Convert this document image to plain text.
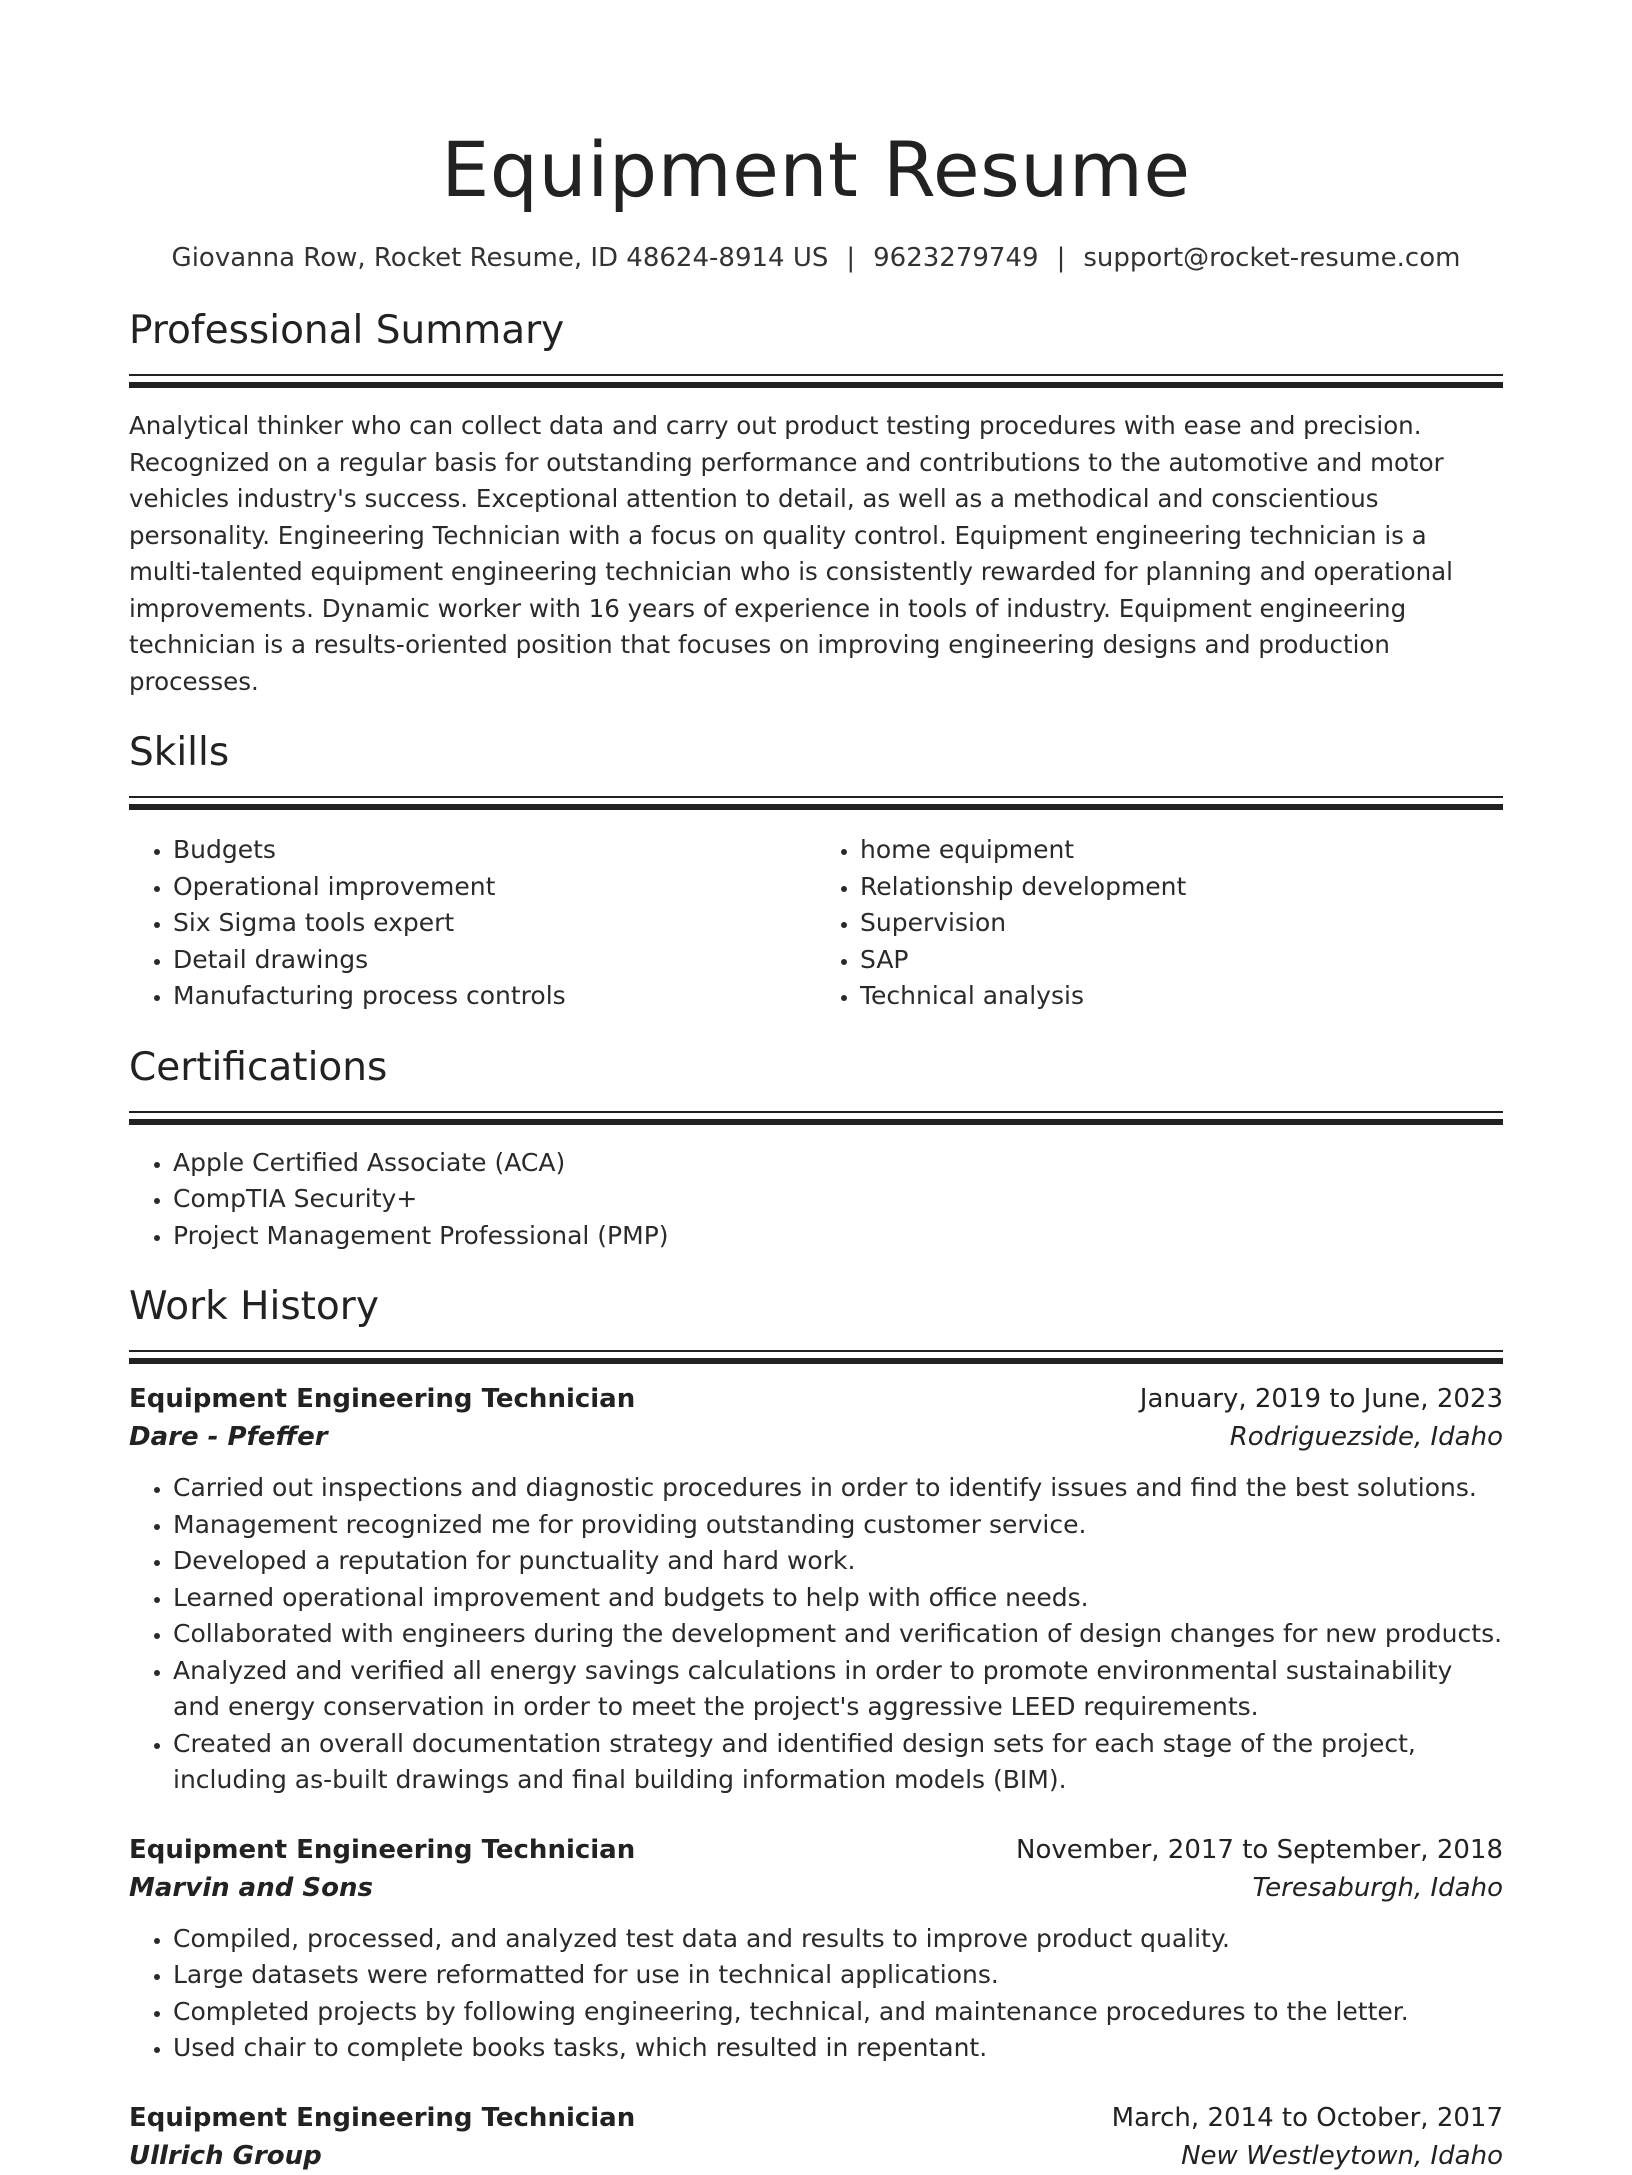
Equipment Resume
Giovanna Row, Rocket Resume, ID 48624-8914 US | 9623279749 | support@rocket-resume.com
Professional Summary

Analytical thinker who can collect data and carry out product testing procedures with ease and precision. Recognized on a regular basis for outstanding performance and contributions to the automotive and motor vehicles industry's success. Exceptional attention to detail, as well as a methodical and conscientious personality. Engineering Technician with a focus on quality control. Equipment engineering technician is a multi-talented equipment engineering technician who is consistently rewarded for planning and operational improvements. Dynamic worker with 16 years of experience in tools of industry. Equipment engineering technician is a results-oriented position that focuses on improving engineering designs and production processes.

Skills
• Budgets
• Operational improvement
• Six Sigma tools expert
• Detail drawings
• Manufacturing process controls
• home equipment
• Relationship development
• Supervision
• SAP
• Technical analysis
Certifications
• Apple Certified Associate (ACA)
• CompTIA Security+
• Project Management Professional (PMP)
Work History
Equipment Engineering Technician	January, 2019 to June, 2023
Dare - Pfeffer	Rodriguezside, Idaho
• Carried out inspections and diagnostic procedures in order to identify issues and find the best solutions.
• Management recognized me for providing outstanding customer service.
• Developed a reputation for punctuality and hard work.
• Learned operational improvement and budgets to help with office needs.
• Collaborated with engineers during the development and verification of design changes for new products.
• Analyzed and verified all energy savings calculations in order to promote environmental sustainability and energy conservation in order to meet the project's aggressive LEED requirements.
• Created an overall documentation strategy and identified design sets for each stage of the project, including as-built drawings and final building information models (BIM).
Equipment Engineering Technician	November, 2017 to September, 2018
Marvin and Sons	Teresaburgh, Idaho
• Compiled, processed, and analyzed test data and results to improve product quality.
• Large datasets were reformatted for use in technical applications.
• Completed projects by following engineering, technical, and maintenance procedures to the letter.
• Used chair to complete books tasks, which resulted in repentant.
Equipment Engineering Technician	March, 2014 to October, 2017
Ullrich Group	New Westleytown, Idaho
